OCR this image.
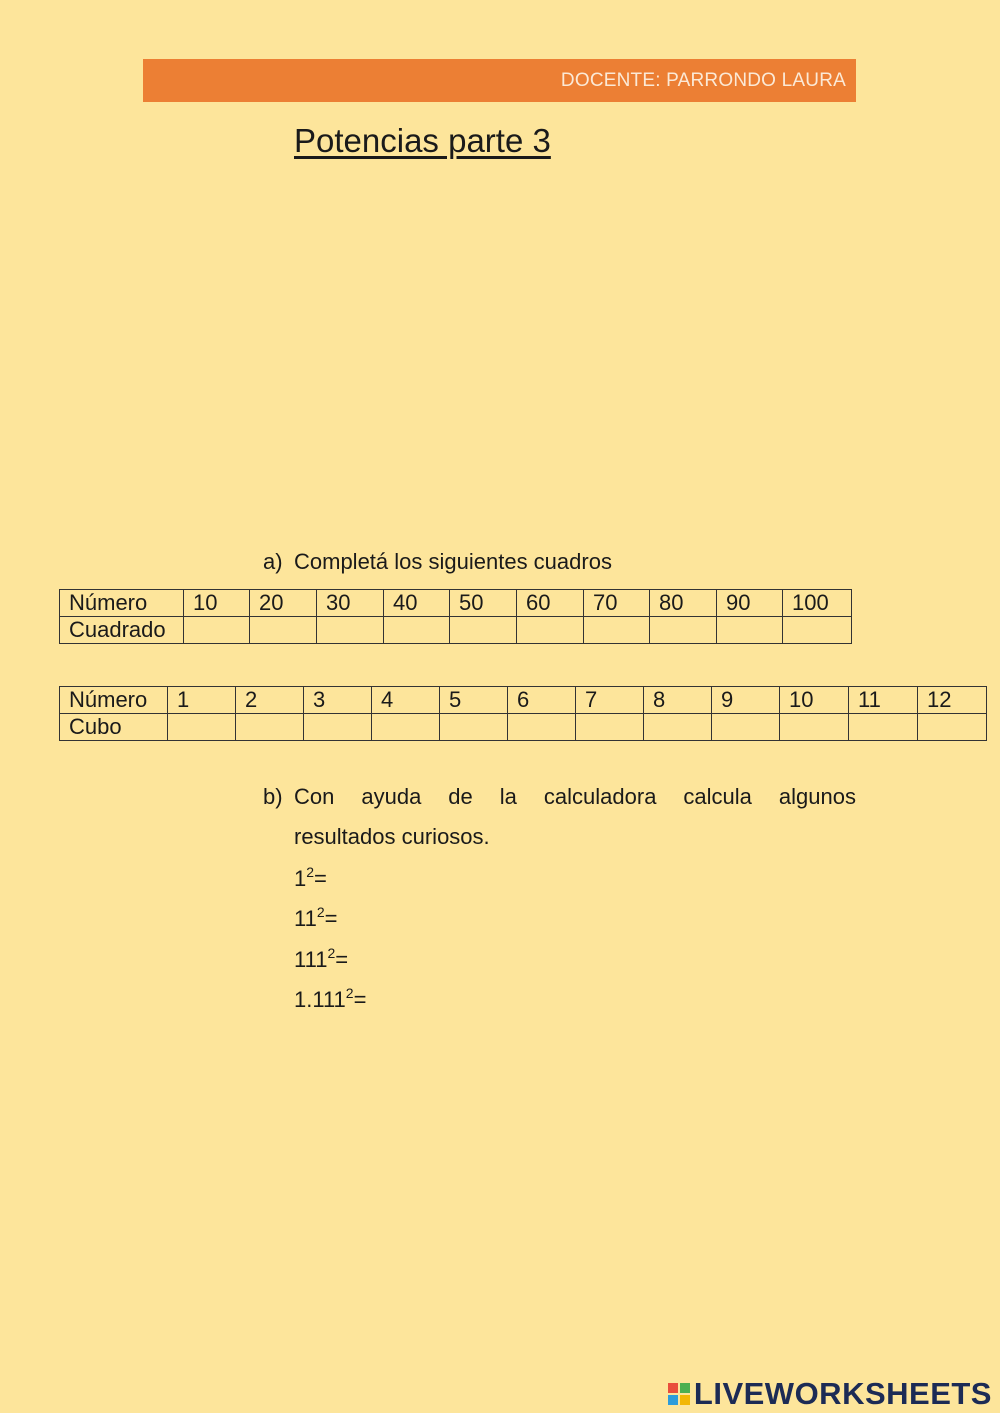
DOCENTE: PARRONDO LAURA
Potencias parte 3
a) Completá los siguientes cuadros
Número	10	20	30	40	50	60	70	80	90	100
Cuadrado										
Número	1	2	3	4	5	6	7	8	9	10	11	12
Cubo												
b) Con ayuda de la calculadora calcula algunos
resultados curiosos.
$1^2=$
$11^2=$
$111^2=$
$1.111^2=$
LIVEWORKSHEETS
